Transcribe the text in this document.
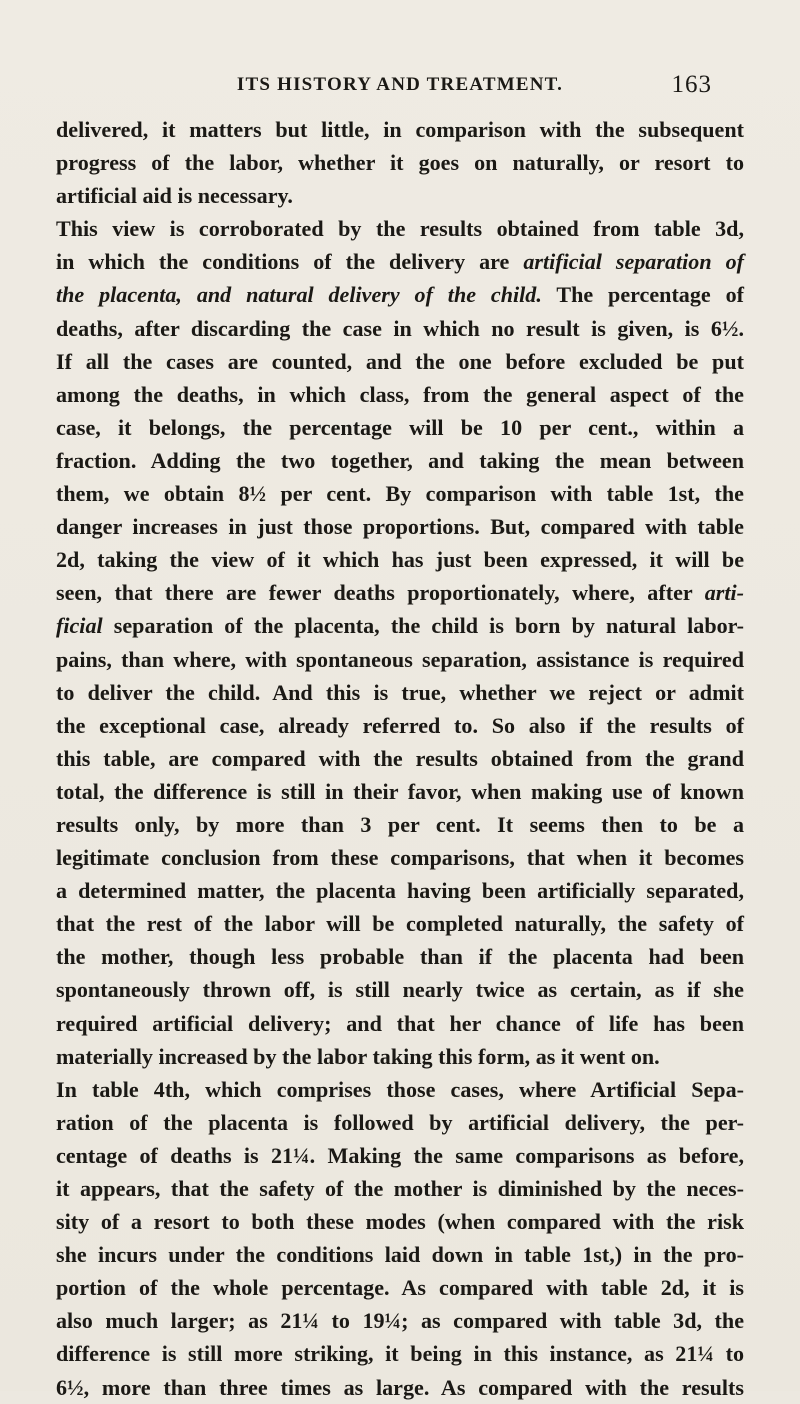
ITS HISTORY AND TREATMENT.	163
delivered, it matters but little, in comparison with the subsequent
progress of the labor, whether it goes on naturally, or resort to
artificial aid is necessary.
This view is corroborated by the results obtained from table 3d,
in which the conditions of the delivery are artificial separation of
the placenta, and natural delivery of the child. The percentage of
deaths, after discarding the case in which no result is given, is 6½.
If all the cases are counted, and the one before excluded be put
among the deaths, in which class, from the general aspect of the
case, it belongs, the percentage will be 10 per cent., within a
fraction. Adding the two together, and taking the mean between
them, we obtain 8½ per cent. By comparison with table 1st, the
danger increases in just those proportions. But, compared with table
2d, taking the view of it which has just been expressed, it will be
seen, that there are fewer deaths proportionately, where, after arti-
ficial separation of the placenta, the child is born by natural labor-
pains, than where, with spontaneous separation, assistance is required
to deliver the child. And this is true, whether we reject or admit
the exceptional case, already referred to. So also if the results of
this table, are compared with the results obtained from the grand
total, the difference is still in their favor, when making use of known
results only, by more than 3 per cent. It seems then to be a
legitimate conclusion from these comparisons, that when it becomes
a determined matter, the placenta having been artificially separated,
that the rest of the labor will be completed naturally, the safety of
the mother, though less probable than if the placenta had been
spontaneously thrown off, is still nearly twice as certain, as if she
required artificial delivery; and that her chance of life has been
materially increased by the labor taking this form, as it went on.
In table 4th, which comprises those cases, where Artificial Sepa-
ration of the placenta is followed by artificial delivery, the per-
centage of deaths is 21¼. Making the same comparisons as before,
it appears, that the safety of the mother is diminished by the neces-
sity of a resort to both these modes (when compared with the risk
she incurs under the conditions laid down in table 1st,) in the pro-
portion of the whole percentage. As compared with table 2d, it is
also much larger; as 21¼ to 19¼; as compared with table 3d, the
difference is still more striking, it being in this instance, as 21¼ to
6½, more than three times as large. As compared with the results
